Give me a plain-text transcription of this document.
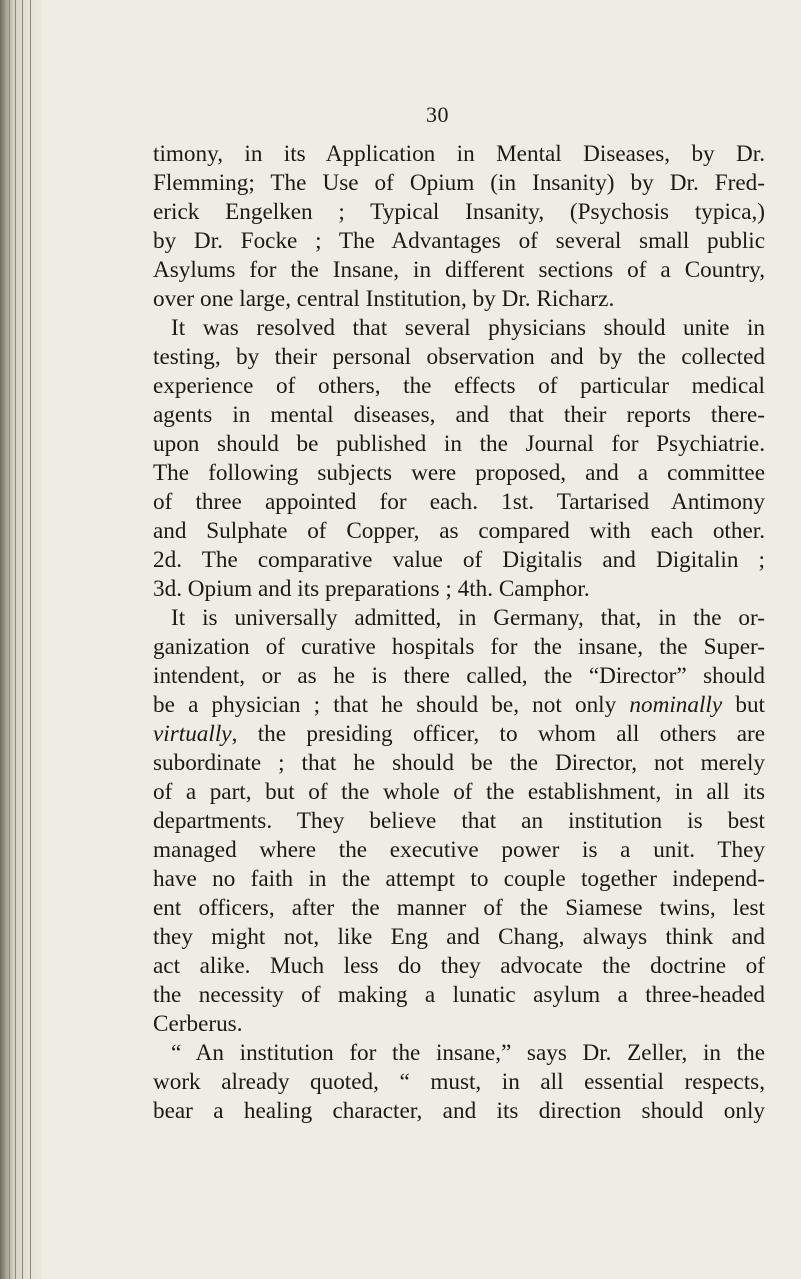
30
timony, in its Application in Mental Diseases, by Dr.
Flemming; The Use of Opium (in Insanity) by Dr. Fred-
erick Engelken ; Typical Insanity, (Psychosis typica,)
by Dr. Focke ; The Advantages of several small public
Asylums for the Insane, in different sections of a Country,
over one large, central Institution, by Dr. Richarz.
It was resolved that several physicians should unite in
testing, by their personal observation and by the collected
experience of others, the effects of particular medical
agents in mental diseases, and that their reports there-
upon should be published in the Journal for Psychiatrie.
The following subjects were proposed, and a committee
of three appointed for each. 1st. Tartarised Antimony
and Sulphate of Copper, as compared with each other.
2d. The comparative value of Digitalis and Digitalin ;
3d. Opium and its preparations ; 4th. Camphor.
It is universally admitted, in Germany, that, in the or-
ganization of curative hospitals for the insane, the Super-
intendent, or as he is there called, the “Director” should
be a physician ; that he should be, not only nominally but
virtually, the presiding officer, to whom all others are
subordinate ; that he should be the Director, not merely
of a part, but of the whole of the establishment, in all its
departments. They believe that an institution is best
managed where the executive power is a unit. They
have no faith in the attempt to couple together independ-
ent officers, after the manner of the Siamese twins, lest
they might not, like Eng and Chang, always think and
act alike. Much less do they advocate the doctrine of
the necessity of making a lunatic asylum a three-headed
Cerberus.
“ An institution for the insane,” says Dr. Zeller, in the
work already quoted, “ must, in all essential respects,
bear a healing character, and its direction should only
